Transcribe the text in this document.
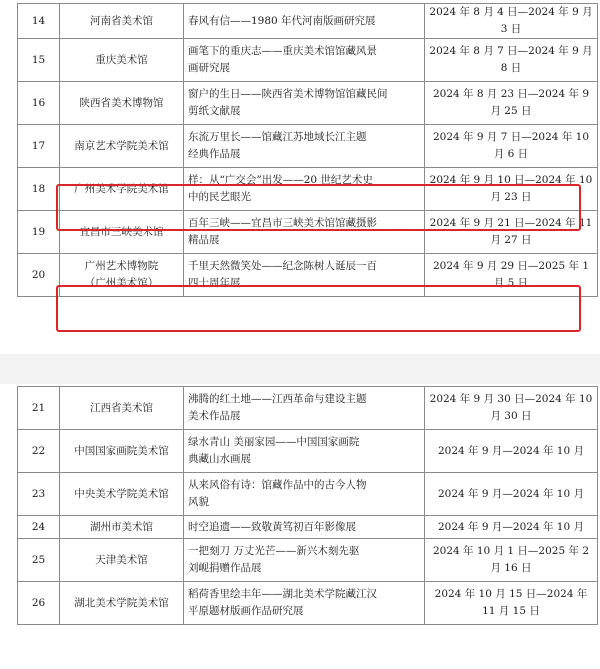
14	河南省美术馆	春风有信——1980 年代河南版画研究展	2024 年 8 月 4 日—2024 年 9 月 3 日
15	重庆美术馆	画笔下的重庆志——重庆美术馆馆藏风景
画研究展	2024 年 8 月 7 日—2024 年 9 月 8 日
16	陕西省美术博物馆	窗户的生日——陕西省美术博物馆馆藏民间
剪纸文献展	2024 年 8 月 23 日—2024 年 9 月 25 日
17	南京艺术学院美术馆	东流万里长——馆藏江苏地域长江主题
经典作品展	2024 年 9 月 7 日—2024 年 10 月 6 日
18	广州美术学院美术馆	样：从“广交会”出发——20 世纪艺术史
中的民艺眼光	2024 年 9 月 10 日—2024 年 10 月 23 日
19	宜昌市三峡美术馆	百年三峡——宜昌市三峡美术馆馆藏摄影
精品展	2024 年 9 月 21 日—2024 年 11 月 27 日
20	广州艺术博物院
（广州美术馆）	千里天然微笑处——纪念陈树人诞辰一百
四十周年展	2024 年 9 月 29 日—2025 年 1 月 5 日
21	江西省美术馆	沸腾的红土地——江西革命与建设主题
美术作品展	2024 年 9 月 30 日—2024 年 10 月 30 日
22	中国国家画院美术馆	绿水青山 美丽家园——中国国家画院
典藏山水画展	2024 年 9 月—2024 年 10 月
23	中央美术学院美术馆	从来风俗有诗：馆藏作品中的古今人物
风貌	2024 年 9 月—2024 年 10 月
24	湖州市美术馆	时空追遗——致敬黄笃初百年影像展	2024 年 9 月—2024 年 10 月
25	天津美术馆	一把刻刀 万丈光芒——新兴木刻先驱
刘岘捐赠作品展	2024 年 10 月 1 日—2025 年 2 月 16 日
26	湖北美术学院美术馆	稻荷香里绘丰年——湖北美术学院藏江汉
平原题材版画作品研究展	2024 年 10 月 15 日—2024 年 11 月 15 日
